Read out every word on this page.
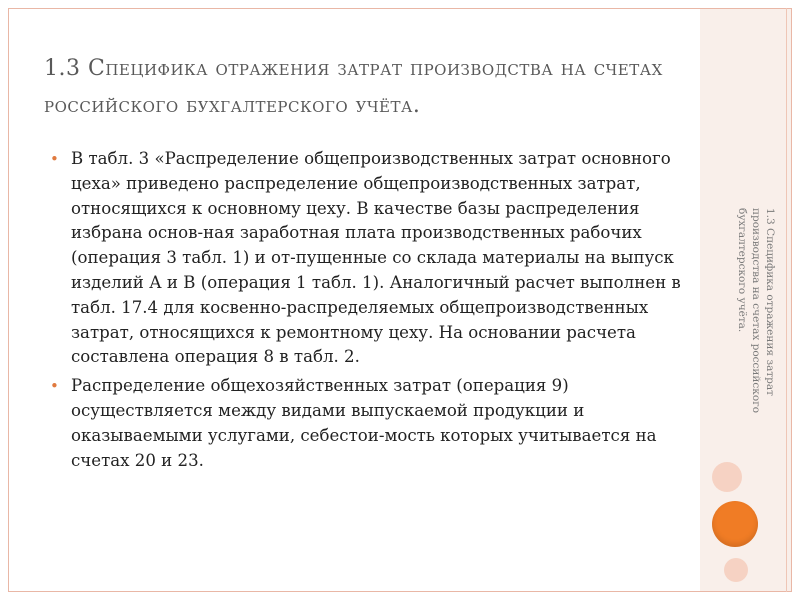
1.3 Специфика отражения затрат производства на счетах российского бухгалтерского учёта.
• В табл. 3 «Распределение общепроизводственных затрат основного цеха» приведено распределение общепроизводственных затрат, относящихся к основному цеху. В качестве базы распределения избрана основ-ная заработная плата производственных рабочих (операция 3 табл. 1) и от-пущенные со склада материалы на выпуск изделий А и В (операция 1 табл. 1). Аналогичный расчет выполнен в табл. 17.4 для косвенно-распределяемых общепроизводственных затрат, относящихся к ремонтному цеху. На основании расчета составлена операция 8 в табл. 2.
• Распределение общехозяйственных затрат (операция 9) осуществляется между видами выпускаемой продукции и оказываемыми услугами, себестои-мость которых учитывается на счетах 20 и 23.
1.3 Специфика отражения затрат производства на счетах российского бухгалтерского учёта.
